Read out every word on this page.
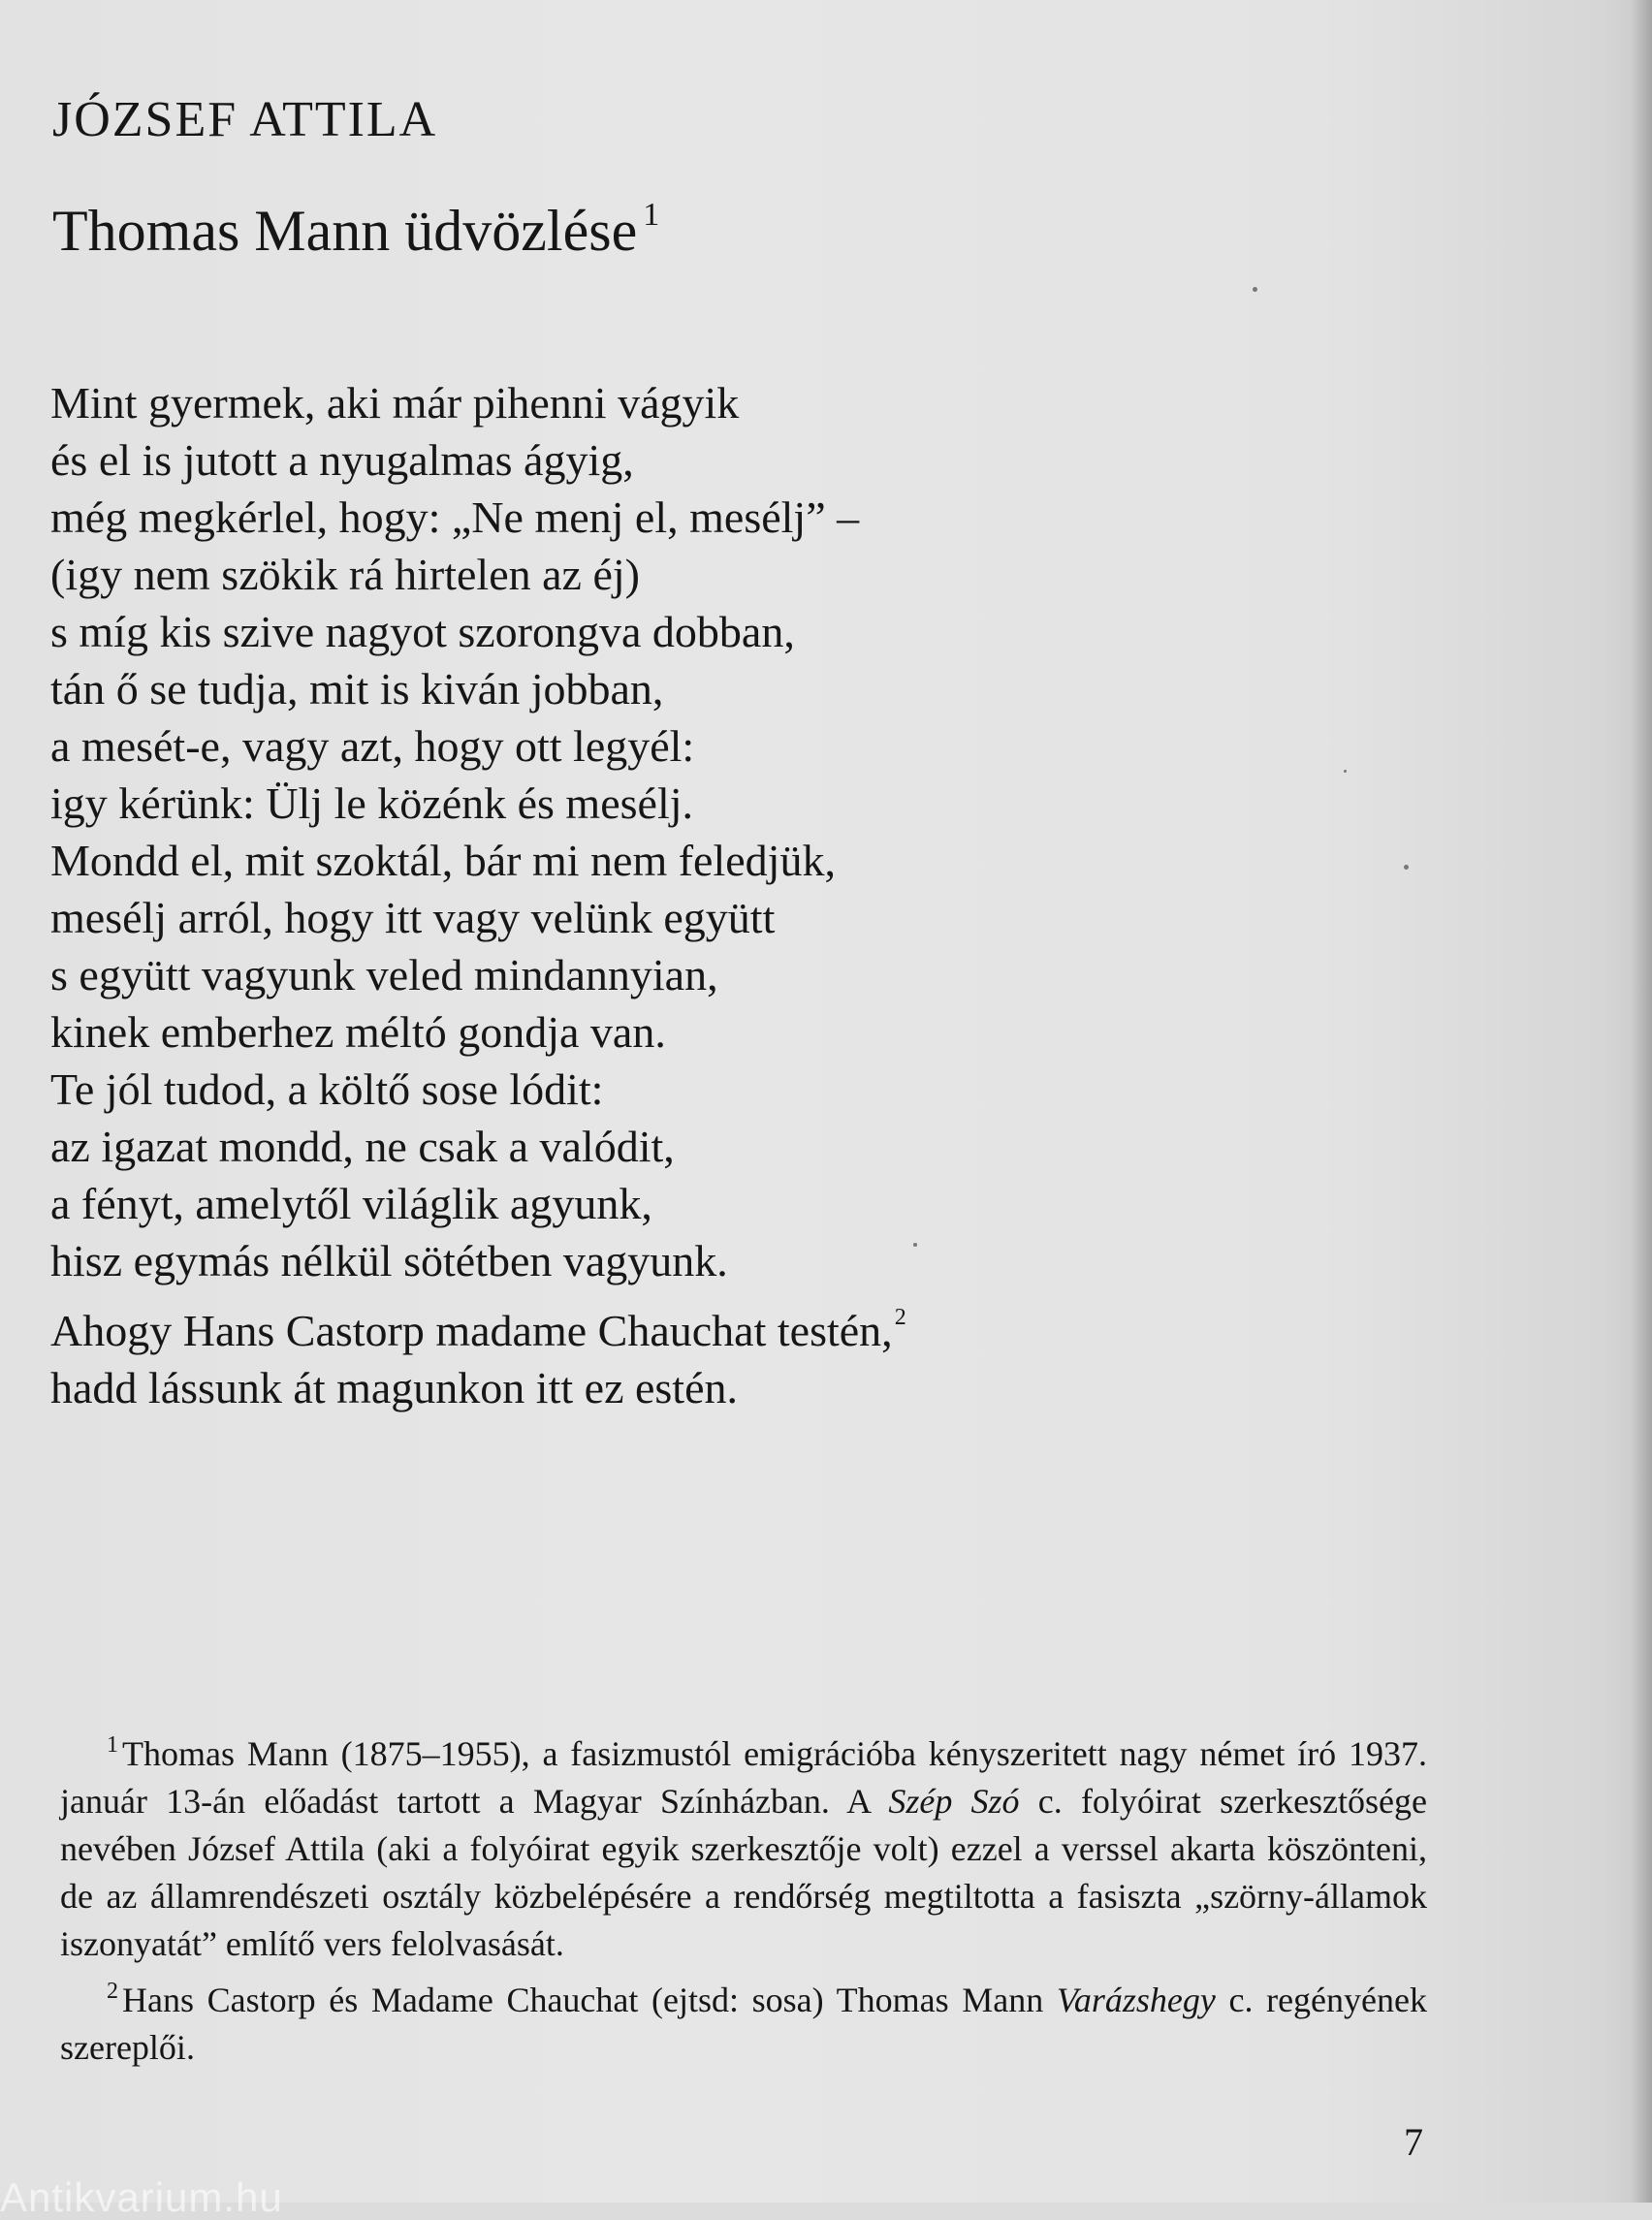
JÓZSEF ATTILA
Thomas Mann üdvözlése $^1$
Mint gyermek, aki már pihenni vágyik
és el is jutott a nyugalmas ágyig,
még megkérlel, hogy: „Ne menj el, mesélj” –
(igy nem szökik rá hirtelen az éj)
s míg kis szive nagyot szorongva dobban,
tán ő se tudja, mit is kiván jobban,
a mesét-e, vagy azt, hogy ott legyél:
igy kérünk: Ülj le közénk és mesélj.
Mondd el, mit szoktál, bár mi nem feledjük,
mesélj arról, hogy itt vagy velünk együtt
s együtt vagyunk veled mindannyian,
kinek emberhez méltó gondja van.
Te jól tudod, a költő sose lódit:
az igazat mondd, ne csak a valódit,
a fényt, amelytől világlik agyunk,
hisz egymás nélkül sötétben vagyunk.
Ahogy Hans Castorp madame Chauchat testén,$^2$
hadd lássunk át magunkon itt ez estén.
$^1$ Thomas Mann (1875–1955), a fasizmustól emigrációba kényszeritett nagy német író 1937. január 13-án előadást tartott a Magyar Színházban. A Szép Szó c. folyóirat szerkesztősége nevében József Attila (aki a folyóirat egyik szerkesztője volt) ezzel a verssel akarta köszönteni, de az államrendészeti osztály közbelépésére a rendőrség megtiltotta a fasiszta „szörny-államok iszonyatát” említő vers felolvasását.
$^2$ Hans Castorp és Madame Chauchat (ejtsd: sosa) Thomas Mann Varázshegy c. regényének szereplői.
7
Antikvarium.hu
